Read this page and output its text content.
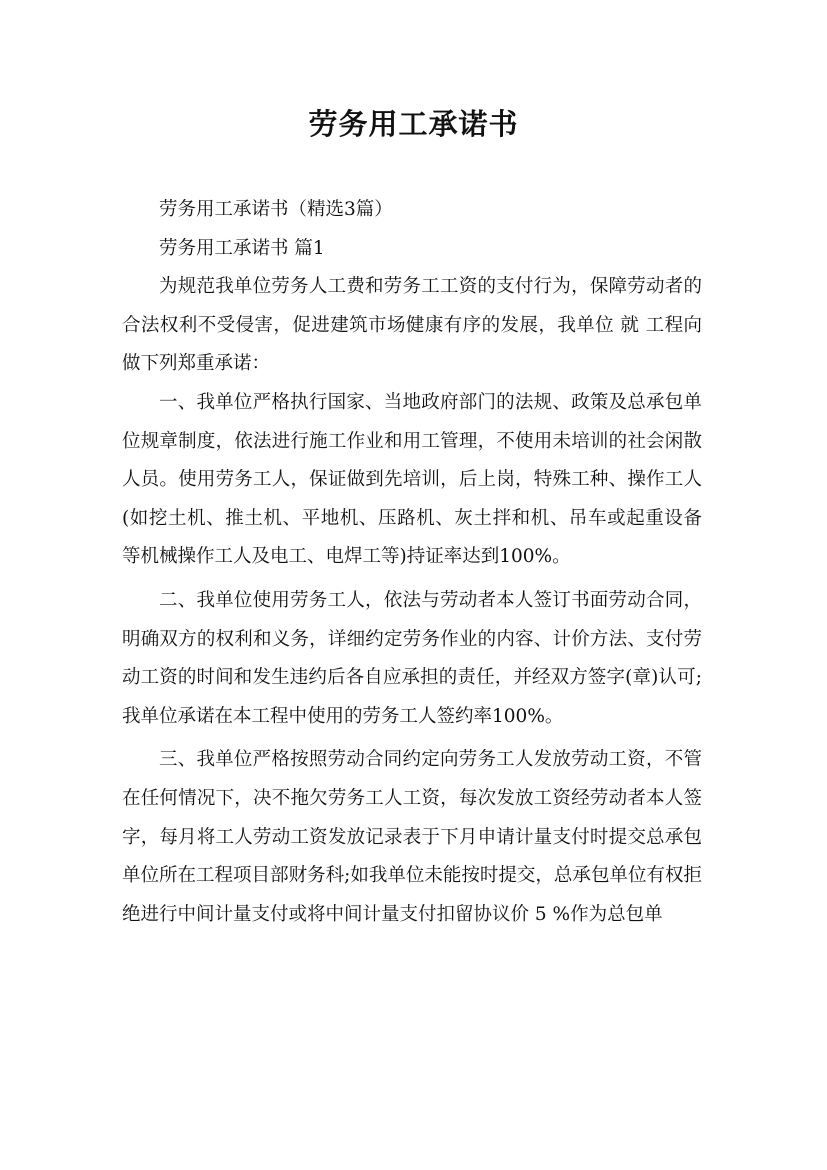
劳务用工承诺书

劳务用工承诺书（精选3篇）

劳务用工承诺书 篇1

为规范我单位劳务人工费和劳务工工资的支付行为，保障劳动者的合法权利不受侵害，促进建筑市场健康有序的发展，我单位 就 工程向 做下列郑重承诺：

一、我单位严格执行国家、当地政府部门的法规、政策及总承包单位规章制度，依法进行施工作业和用工管理，不使用未培训的社会闲散人员。使用劳务工人，保证做到先培训，后上岗，特殊工种、操作工人(如挖土机、推土机、平地机、压路机、灰土拌和机、吊车或起重设备等机械操作工人及电工、电焊工等)持证率达到100%。

二、我单位使用劳务工人，依法与劳动者本人签订书面劳动合同，明确双方的权利和义务，详细约定劳务作业的内容、计价方法、支付劳动工资的时间和发生违约后各自应承担的责任，并经双方签字(章)认可;我单位承诺在本工程中使用的劳务工人签约率100%。

三、我单位严格按照劳动合同约定向劳务工人发放劳动工资，不管在任何情况下，决不拖欠劳务工人工资，每次发放工资经劳动者本人签字，每月将工人劳动工资发放记录表于下月申请计量支付时提交总承包单位所在工程项目部财务科;如我单位未能按时提交，总承包单位有权拒绝进行中间计量支付或将中间计量支付扣留协议价 5 %作为总包单
